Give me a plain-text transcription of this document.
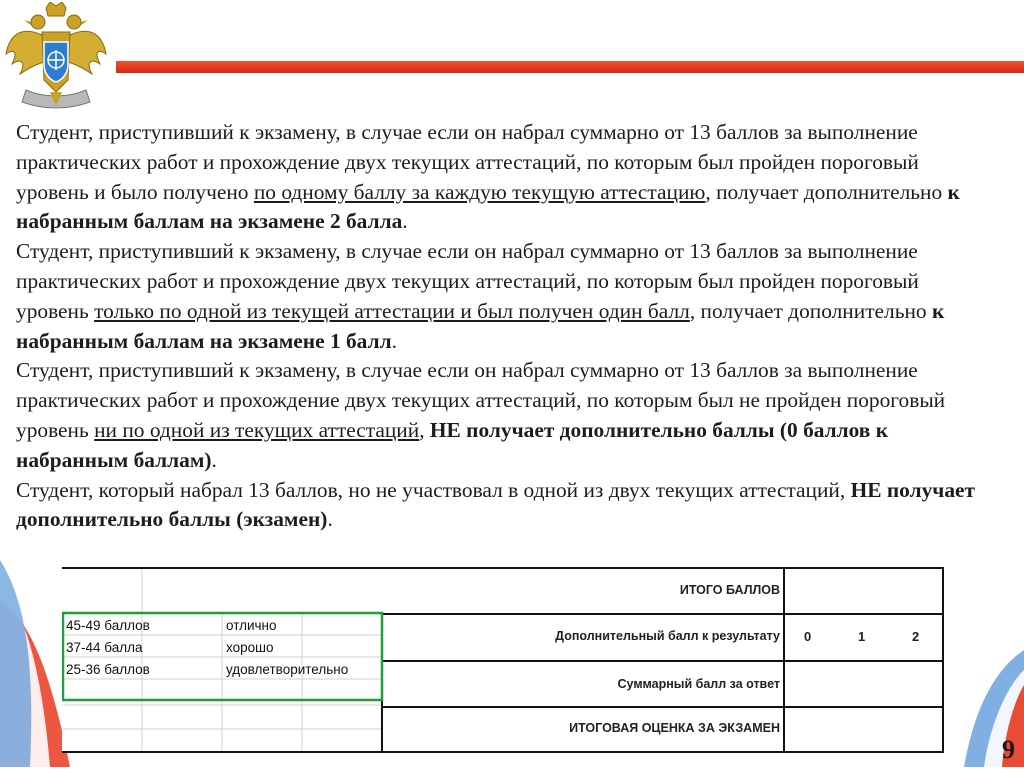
Студент, приступивший к экзамену, в случае если он набрал суммарно от 13 баллов за выполнение практических работ и прохождение двух текущих аттестаций, по которым был пройден пороговый уровень и было получено по одному баллу за каждую текущую аттестацию, получает дополнительно к набранным баллам на экзамене 2 балла.

Студент, приступивший к экзамену, в случае если он набрал суммарно от 13 баллов за выполнение практических работ и прохождение двух текущих аттестаций, по которым был пройден пороговый уровень только по одной из текущей аттестации и был получен один балл, получает дополнительно к набранным баллам на экзамене 1 балл.

Студент, приступивший к экзамену, в случае если он набрал суммарно от 13 баллов за выполнение практических работ и прохождение двух текущих аттестаций, по которым был не пройден пороговый уровень ни по одной из текущих аттестаций, НЕ получает дополнительно баллы (0 баллов к набранным баллам).

Студент, который набрал 13 баллов, но не участвовал в одной из двух текущих аттестаций, НЕ получает дополнительно баллы (экзамен).

45-49 баллов	отлично
37-44 балла	хорошо
25-36 баллов	удовлетворительно
ИТОГО БАЛЛОВ
Дополнительный балл к результату 0	1	2
Суммарный балл за ответ
ИТОГОВАЯ ОЦЕНКА ЗА ЭКЗАМЕН
9
